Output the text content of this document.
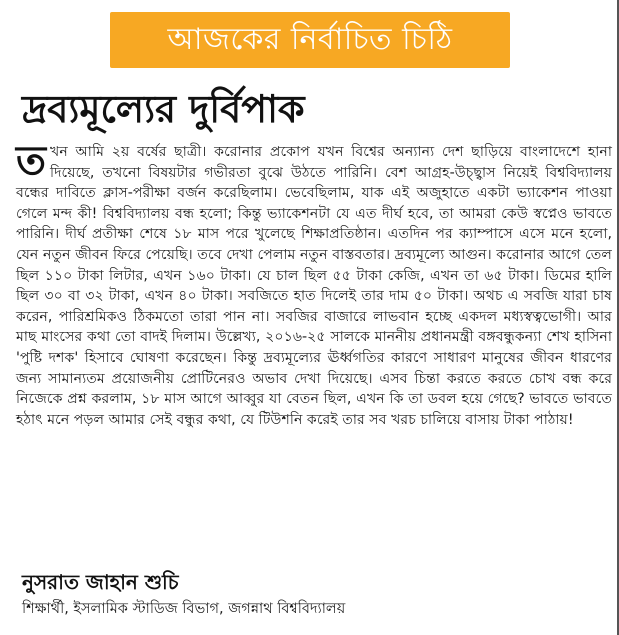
আজকের নির্বাচিত চিঠি
দ্রব্যমূল্যের দুর্বিপাক

তখন আমি ২য় বর্ষের ছাত্রী। করোনার প্রকোপ যখন বিশ্বের অন্যান্য দেশ ছাড়িয়ে বাংলাদেশে হানা দিয়েছে, তখনো বিষয়টার গভীরতা বুঝে উঠতে পারিনি। বেশ আগ্রহ-উচ্ছ্বাস নিয়েই বিশ্ববিদ্যালয় বন্ধের দাবিতে ক্লাস-পরীক্ষা বর্জন করেছিলাম। ভেবেছিলাম, যাক এই অজুহাতে একটা ভ্যাকেশন পাওয়া গেলে মন্দ কী! বিশ্ববিদ্যালয় বন্ধ হলো; কিন্তু ভ্যাকেশনটা যে এত দীর্ঘ হবে, তা আমরা কেউ স্বপ্নেও ভাবতে পারিনি। দীর্ঘ প্রতীক্ষা শেষে ১৮ মাস পরে খুলেছে শিক্ষাপ্রতিষ্ঠান। এতদিন পর ক্যাম্পাসে এসে মনে হলো, যেন নতুন জীবন ফিরে পেয়েছি। তবে দেখা পেলাম নতুন বাস্তবতার। দ্রব্যমূল্যে আগুন। করোনার আগে তেল ছিল ১১০ টাকা লিটার, এখন ১৬০ টাকা। যে চাল ছিল ৫৫ টাকা কেজি, এখন তা ৬৫ টাকা। ডিমের হালি ছিল ৩০ বা ৩২ টাকা, এখন ৪০ টাকা। সবজিতে হাত দিলেই তার দাম ৫০ টাকা। অথচ এ সবজি যারা চাষ করেন, পারিশ্রমিকও ঠিকমতো তারা পান না। সবজির বাজারে লাভবান হচ্ছে একদল মধ্যস্বত্বভোগী। আর মাছ মাংসের কথা তো বাদই দিলাম। উল্লেখ্য, ২০১৬-২৫ সালকে মাননীয় প্রধানমন্ত্রী বঙ্গবন্ধুকন্যা শেখ হাসিনা 'পুষ্টি দশক' হিসাবে ঘোষণা করেছেন। কিন্তু দ্রব্যমূল্যের ঊর্ধ্বগতির কারণে সাধারণ মানুষের জীবন ধারণের জন্য সামান্যতম প্রয়োজনীয় প্রোটিনেরও অভাব দেখা দিয়েছে। এসব চিন্তা করতে করতে চোখ বন্ধ করে নিজেকে প্রশ্ন করলাম, ১৮ মাস আগে আব্বুর যা বেতন ছিল, এখন কি তা ডবল হয়ে গেছে? ভাবতে ভাবতে হঠাৎ মনে পড়ল আমার সেই বন্ধুর কথা, যে টিউশনি করেই তার সব খরচ চালিয়ে বাসায় টাকা পাঠায়!

নুসরাত জাহান শুচি

শিক্ষার্থী, ইসলামিক স্টাডিজ বিভাগ, জগন্নাথ বিশ্ববিদ্যালয়
